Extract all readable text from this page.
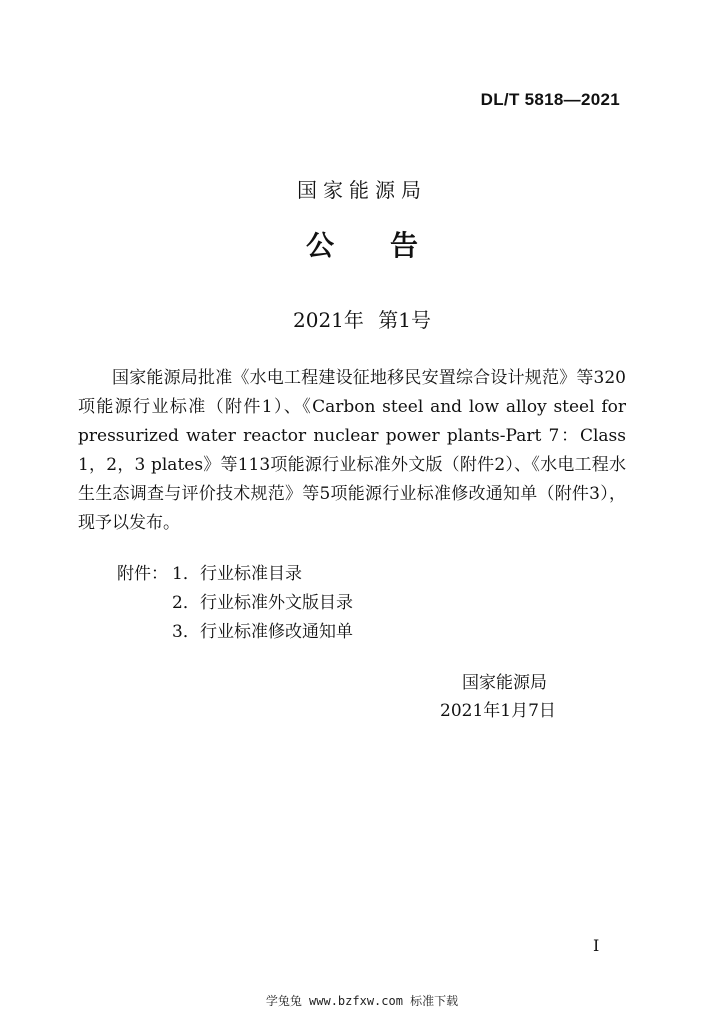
DL/T 5818—2021
国家能源局
公告
2021年 第1号
国家能源局批准《水电工程建设征地移民安置综合设计规范》等320项能源行业标准（附件1）、《Carbon steel and low alloy steel for pressurized water reactor nuclear power plants-Part 7：Class 1，2，3 plates》等113项能源行业标准外文版（附件2）、《水电工程水生生态调查与评价技术规范》等5项能源行业标准修改通知单（附件3），现予以发布。
附件： 1． 行业标准目录
2． 行业标准外文版目录
3． 行业标准修改通知单
国家能源局
2021年1月7日
I
学兔兔 www.bzfxw.com 标准下载
